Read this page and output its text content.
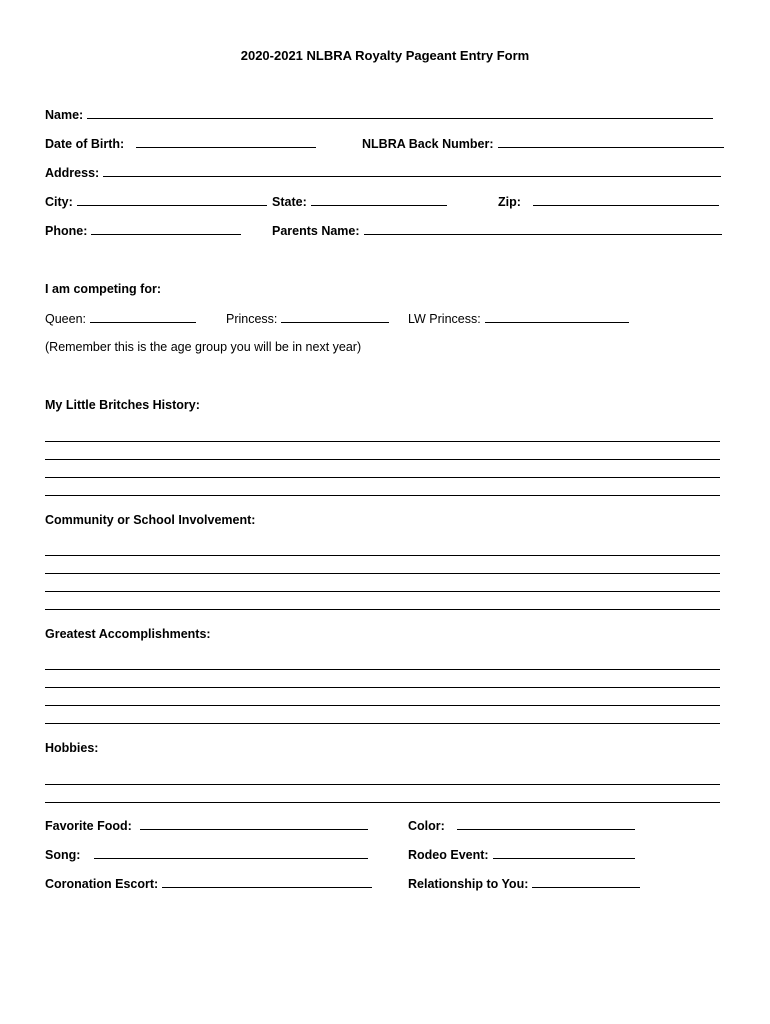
2020-2021 NLBRA Royalty Pageant Entry Form
Name:
Date of Birth:	NLBRA Back Number:
Address:
City:	State:	Zip:
Phone:	Parents Name:
I am competing for:
Queen:	Princess:	LW Princess:
(Remember this is the age group you will be in next year)
My Little Britches History:
Community or School Involvement:
Greatest Accomplishments:
Hobbies:
Favorite Food:	Color:
Song:	Rodeo Event:
Coronation Escort:	Relationship to You:
